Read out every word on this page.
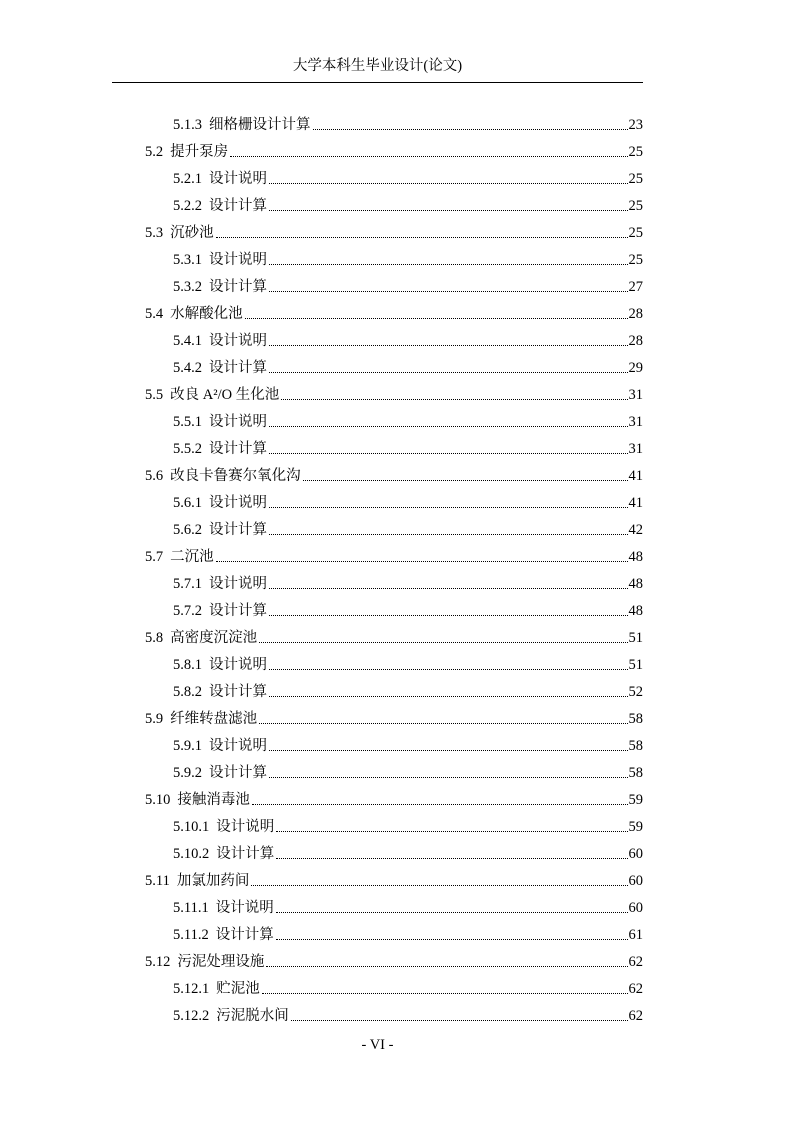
大学本科生毕业设计(论文)
5.1.3 细格栅设计计算	23
5.2 提升泵房	25
5.2.1 设计说明	25
5.2.2 设计计算	25
5.3 沉砂池	25
5.3.1 设计说明	25
5.3.2 设计计算	27
5.4 水解酸化池	28
5.4.1 设计说明	28
5.4.2 设计计算	29
5.5 改良 A²/O 生化池	31
5.5.1 设计说明	31
5.5.2 设计计算	31
5.6 改良卡鲁赛尔氧化沟	41
5.6.1 设计说明	41
5.6.2 设计计算	42
5.7 二沉池	48
5.7.1 设计说明	48
5.7.2 设计计算	48
5.8 高密度沉淀池	51
5.8.1 设计说明	51
5.8.2 设计计算	52
5.9 纤维转盘滤池	58
5.9.1 设计说明	58
5.9.2 设计计算	58
5.10 接触消毒池	59
5.10.1 设计说明	59
5.10.2 设计计算	60
5.11 加氯加药间	60
5.11.1 设计说明	60
5.11.2 设计计算	61
5.12 污泥处理设施	62
5.12.1 贮泥池	62
5.12.2 污泥脱水间	62
- VI -
